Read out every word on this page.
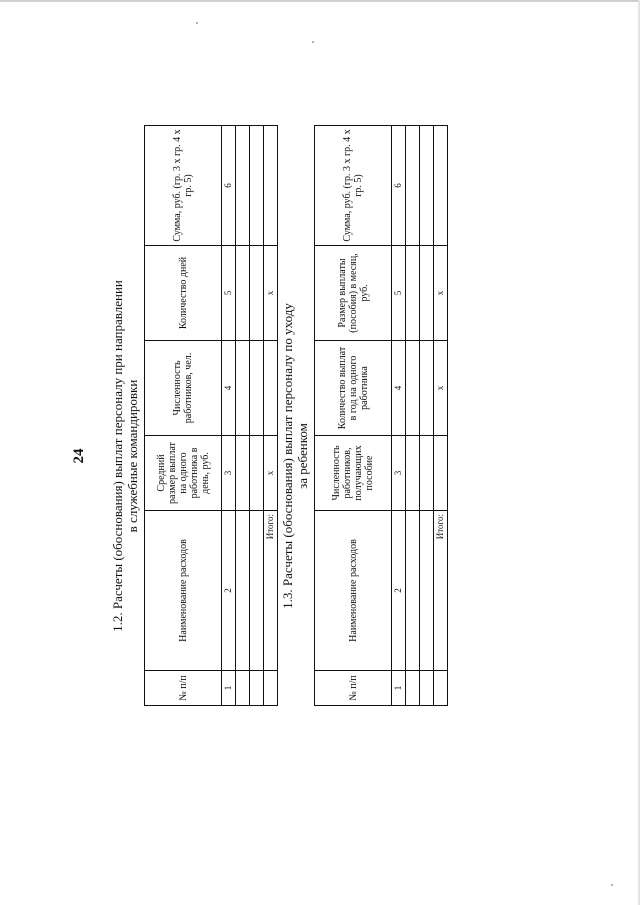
24 1.2. Расчеты (обоснования) выплат персоналу при направлении в служебные командировки
№ п/п	Наименование расходов	Средний размер выплат на одного работника в день, руб.	Численность работников, чел.	Количество дней	Сумма, руб. (гр. 3 x гр. 4 x гр. 5)
1	2	3	4	5	6

	Итого:	x		x	
1.3. Расчеты (обоснования) выплат персоналу по уходу за ребенком
№ п/п	Наименование расходов	Численность работников, получающих пособие	Количество выплат в год на одного работника	Размер выплаты (пособия) в месяц, руб.	Сумма, руб. (гр. 3 x гр. 4 x гр. 5)
1	2	3	4	5	6

	Итого:		x	x	
